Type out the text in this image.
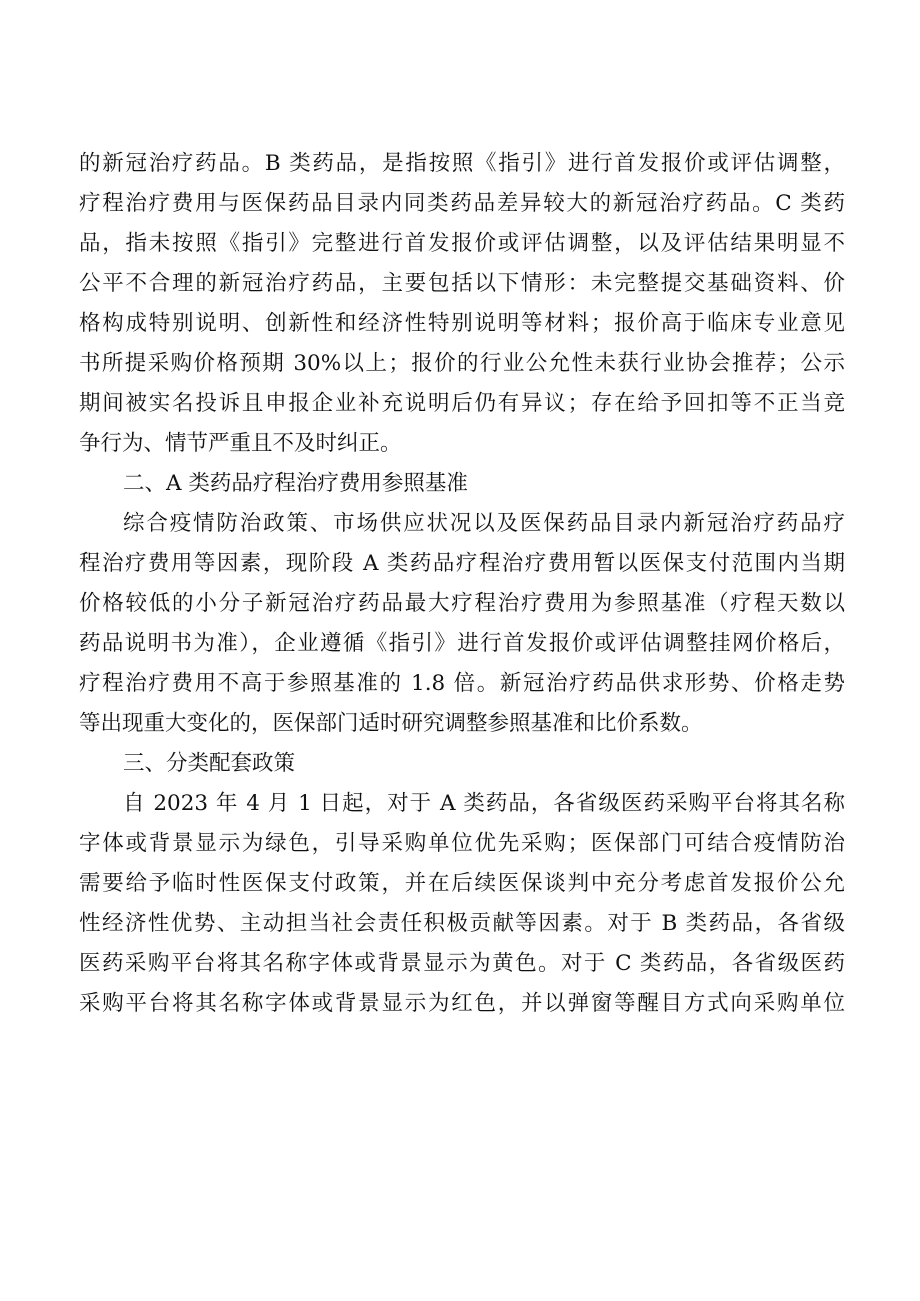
的新冠治疗药品。B 类药品，是指按照《指引》进行首发报价或评估调整，
疗程治疗费用与医保药品目录内同类药品差异较大的新冠治疗药品。C 类药
品，指未按照《指引》完整进行首发报价或评估调整，以及评估结果明显不
公平不合理的新冠治疗药品，主要包括以下情形：未完整提交基础资料、价
格构成特别说明、创新性和经济性特别说明等材料；报价高于临床专业意见
书所提采购价格预期 30%以上；报价的行业公允性未获行业协会推荐；公示
期间被实名投诉且申报企业补充说明后仍有异议；存在给予回扣等不正当竞
争行为、情节严重且不及时纠正。
二、A 类药品疗程治疗费用参照基准
综合疫情防治政策、市场供应状况以及医保药品目录内新冠治疗药品疗
程治疗费用等因素，现阶段 A 类药品疗程治疗费用暂以医保支付范围内当期
价格较低的小分子新冠治疗药品最大疗程治疗费用为参照基准（疗程天数以
药品说明书为准），企业遵循《指引》进行首发报价或评估调整挂网价格后，
疗程治疗费用不高于参照基准的 1.8 倍。新冠治疗药品供求形势、价格走势
等出现重大变化的，医保部门适时研究调整参照基准和比价系数。
三、分类配套政策
自 2023 年 4 月 1 日起，对于 A 类药品，各省级医药采购平台将其名称
字体或背景显示为绿色，引导采购单位优先采购；医保部门可结合疫情防治
需要给予临时性医保支付政策，并在后续医保谈判中充分考虑首发报价公允
性经济性优势、主动担当社会责任积极贡献等因素。对于 B 类药品，各省级
医药采购平台将其名称字体或背景显示为黄色。对于 C 类药品，各省级医药
采购平台将其名称字体或背景显示为红色，并以弹窗等醒目方式向采购单位
